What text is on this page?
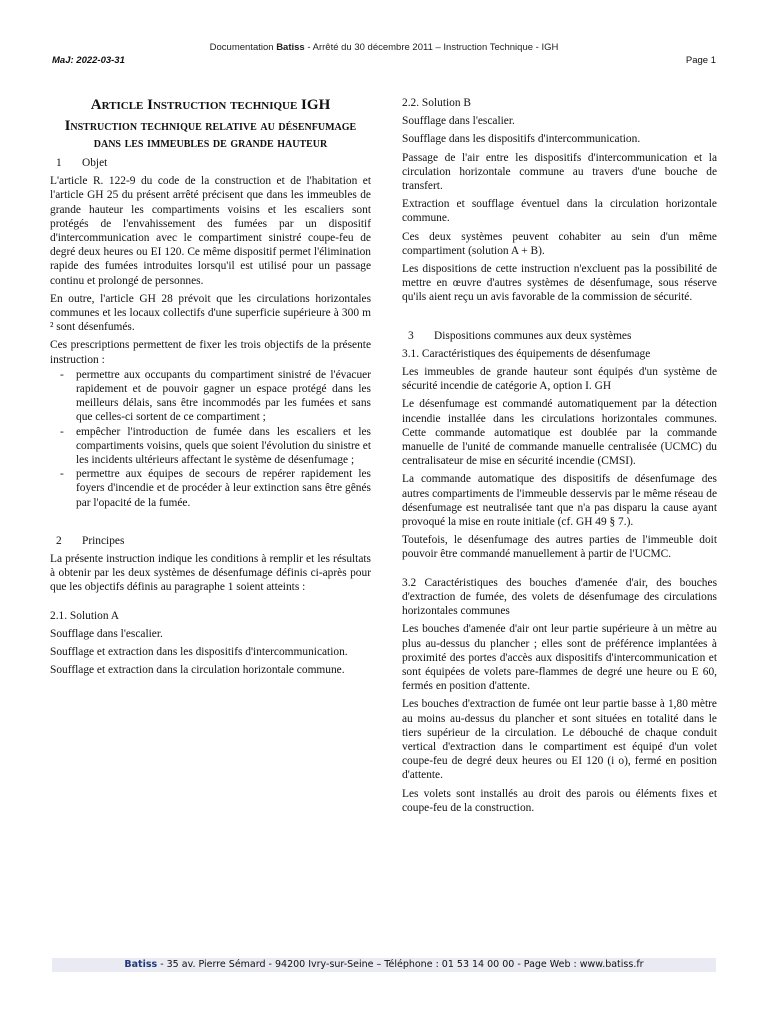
Documentation Batiss - Arrêté du 30 décembre 2011 – Instruction Technique - IGH
MaJ: 2022-03-31	Page 1

Article Instruction technique IGH

Instruction technique relative au désenfumage dans les immeubles de grande hauteur

1 Objet

L'article R. 122-9 du code de la construction et de l'habitation et l'article GH 25 du présent arrêté précisent que dans les immeubles de grande hauteur les compartiments voisins et les escaliers sont protégés de l'envahissement des fumées par un dispositif d'intercommunication avec le compartiment sinistré coupe-feu de degré deux heures ou EI 120. Ce même dispositif permet l'élimination rapide des fumées introduites lorsqu'il est utilisé pour un passage continu et prolongé de personnes.

En outre, l'article GH 28 prévoit que les circulations horizontales communes et les locaux collectifs d'une superficie supérieure à 300 m ² sont désenfumés.

Ces prescriptions permettent de fixer les trois objectifs de la présente instruction :

- permettre aux occupants du compartiment sinistré de l'évacuer rapidement et de pouvoir gagner un espace protégé dans les meilleurs délais, sans être incommodés par les fumées et sans que celles-ci sortent de ce compartiment ;
- empêcher l'introduction de fumée dans les escaliers et les compartiments voisins, quels que soient l'évolution du sinistre et les incidents ultérieurs affectant le système de désenfumage ;
- permettre aux équipes de secours de repérer rapidement les foyers d'incendie et de procéder à leur extinction sans être gênés par l'opacité de la fumée.

2 Principes

La présente instruction indique les conditions à remplir et les résultats à obtenir par les deux systèmes de désenfumage définis ci-après pour que les objectifs définis au paragraphe 1 soient atteints :

2.1. Solution A

Soufflage dans l'escalier.

Soufflage et extraction dans les dispositifs d'intercommunication.

Soufflage et extraction dans la circulation horizontale commune.

2.2. Solution B

Soufflage dans l'escalier.

Soufflage dans les dispositifs d'intercommunication.

Passage de l'air entre les dispositifs d'intercommunication et la circulation horizontale commune au travers d'une bouche de transfert.

Extraction et soufflage éventuel dans la circulation horizontale commune.

Ces deux systèmes peuvent cohabiter au sein d'un même compartiment (solution A + B).

Les dispositions de cette instruction n'excluent pas la possibilité de mettre en œuvre d'autres systèmes de désenfumage, sous réserve qu'ils aient reçu un avis favorable de la commission de sécurité.

3 Dispositions communes aux deux systèmes

3.1. Caractéristiques des équipements de désenfumage

Les immeubles de grande hauteur sont équipés d'un système de sécurité incendie de catégorie A, option I. GH

Le désenfumage est commandé automatiquement par la détection incendie installée dans les circulations horizontales communes. Cette commande automatique est doublée par la commande manuelle de l'unité de commande manuelle centralisée (UCMC) du centralisateur de mise en sécurité incendie (CMSI).

La commande automatique des dispositifs de désenfumage des autres compartiments de l'immeuble desservis par le même réseau de désenfumage est neutralisée tant que n'a pas disparu la cause ayant provoqué la mise en route initiale (cf. GH 49 § 7.).

Toutefois, le désenfumage des autres parties de l'immeuble doit pouvoir être commandé manuellement à partir de l'UCMC.

3.2 Caractéristiques des bouches d'amenée d'air, des bouches d'extraction de fumée, des volets de désenfumage des circulations horizontales communes

Les bouches d'amenée d'air ont leur partie supérieure à un mètre au plus au-dessus du plancher ; elles sont de préférence implantées à proximité des portes d'accès aux dispositifs d'intercommunication et sont équipées de volets pare-flammes de degré une heure ou E 60, fermés en position d'attente.

Les bouches d'extraction de fumée ont leur partie basse à 1,80 mètre au moins au-dessus du plancher et sont situées en totalité dans le tiers supérieur de la circulation. Le débouché de chaque conduit vertical d'extraction dans le compartiment est équipé d'un volet coupe-feu de degré deux heures ou EI 120 (i o), fermé en position d'attente.

Les volets sont installés au droit des parois ou éléments fixes et coupe-feu de la construction.

Batiss - 35 av. Pierre Sémard - 94200 Ivry-sur-Seine – Téléphone : 01 53 14 00 00 - Page Web : www.batiss.fr
